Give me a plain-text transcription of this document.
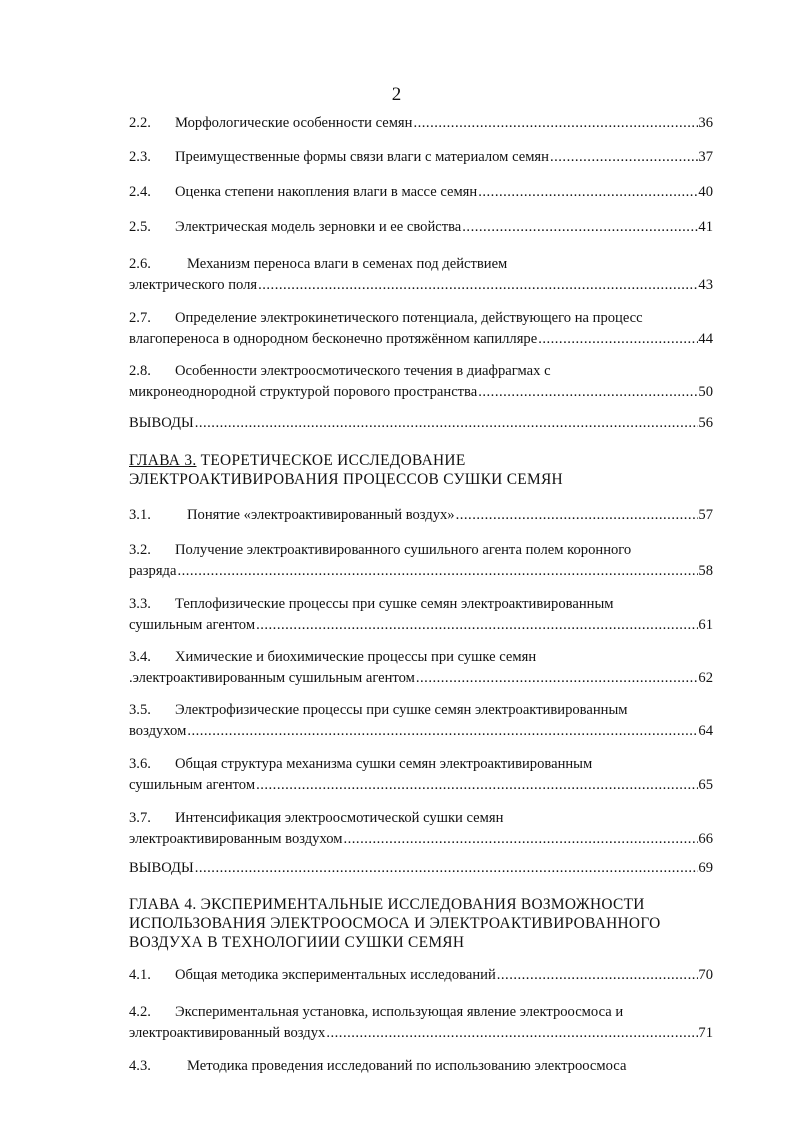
2
2.2.	Морфологические особенности семян .....	36
2.3.	Преимущественные формы связи влаги с материалом семян .....	37
2.4.	Оценка степени накопления влаги в массе семян .....	40
2.5.	Электрическая модель зерновки и ее свойства .....	41
2.6.	Механизм переноса влаги в семенах под действием
электрического поля .....	43
2.7.	Определение электрокинетического потенциала, действующего на процесс
влагопереноса в однородном бесконечно протяжённом капилляре .....	44
2.8.	Особенности электроосмотического течения в диафрагмах с
микронеоднородной структурой порового пространства .....	50
ВЫВОДЫ .....	56
ГЛАВА 3. ТЕОРЕТИЧЕСКОЕ ИССЛЕДОВАНИЕ
ЭЛЕКТРОАКТИВИРОВАНИЯ ПРОЦЕССОВ СУШКИ СЕМЯН
3.1.	Понятие «электроактивированный воздух» .....	57
3.2.	Получение электроактивированного сушильного агента полем коронного
разряда .....	58
3.3.	Теплофизические процессы при сушке семян электроактивированным
сушильным агентом .....	61
3.4.	Химические и биохимические процессы при сушке семян
.электроактивированным сушильным агентом .....	62
3.5.	Электрофизические процессы при сушке семян электроактивированным
воздухом .....	64
3.6.	Общая структура механизма сушки семян электроактивированным
сушильным агентом .....	65
3.7.	Интенсификация электроосмотической сушки семян
электроактивированным воздухом .....	66
ВЫВОДЫ .....	69
ГЛАВА 4. ЭКСПЕРИМЕНТАЛЬНЫЕ ИССЛЕДОВАНИЯ ВОЗМОЖНОСТИ
ИСПОЛЬЗОВАНИЯ ЭЛЕКТРООСМОСА И ЭЛЕКТРОАКТИВИРОВАННОГО
ВОЗДУХА В ТЕХНОЛОГИИИ СУШКИ СЕМЯН
4.1.	Общая методика экспериментальных исследований .....	70
4.2.	Экспериментальная установка, использующая явление электроосмоса и
электроактивированный воздух .....	71
4.3.	Методика проведения исследований по использованию электроосмоса
